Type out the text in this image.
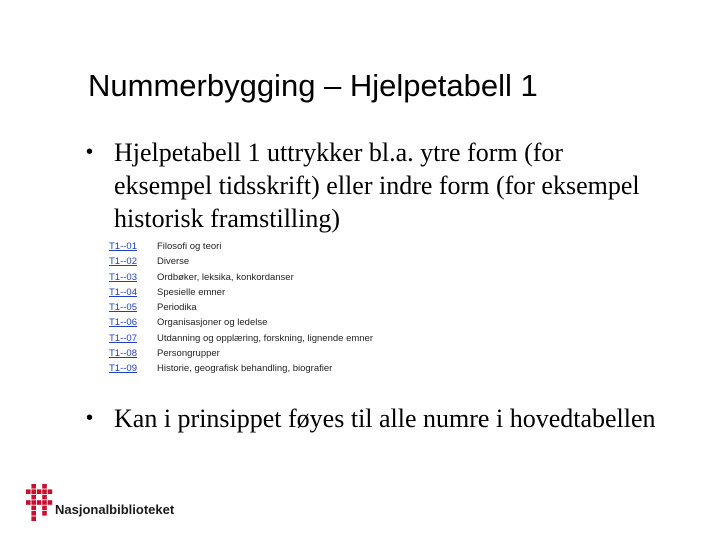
Nummerbygging – Hjelpetabell 1
• Hjelpetabell 1 uttrykker bl.a. ytre form (for eksempel tidsskrift) eller indre form (for eksempel historisk framstilling)
T1--01 Filosofi og teori
T1--02 Diverse
T1--03 Ordbøker, leksika, konkordanser
T1--04 Spesielle emner
T1--05 Periodika
T1--06 Organisasjoner og ledelse
T1--07 Utdanning og opplæring, forskning, lignende emner
T1--08 Persongrupper
T1--09 Historie, geografisk behandling, biografier
• Kan i prinsippet føyes til alle numre i hovedtabellen
Nasjonalbiblioteket
